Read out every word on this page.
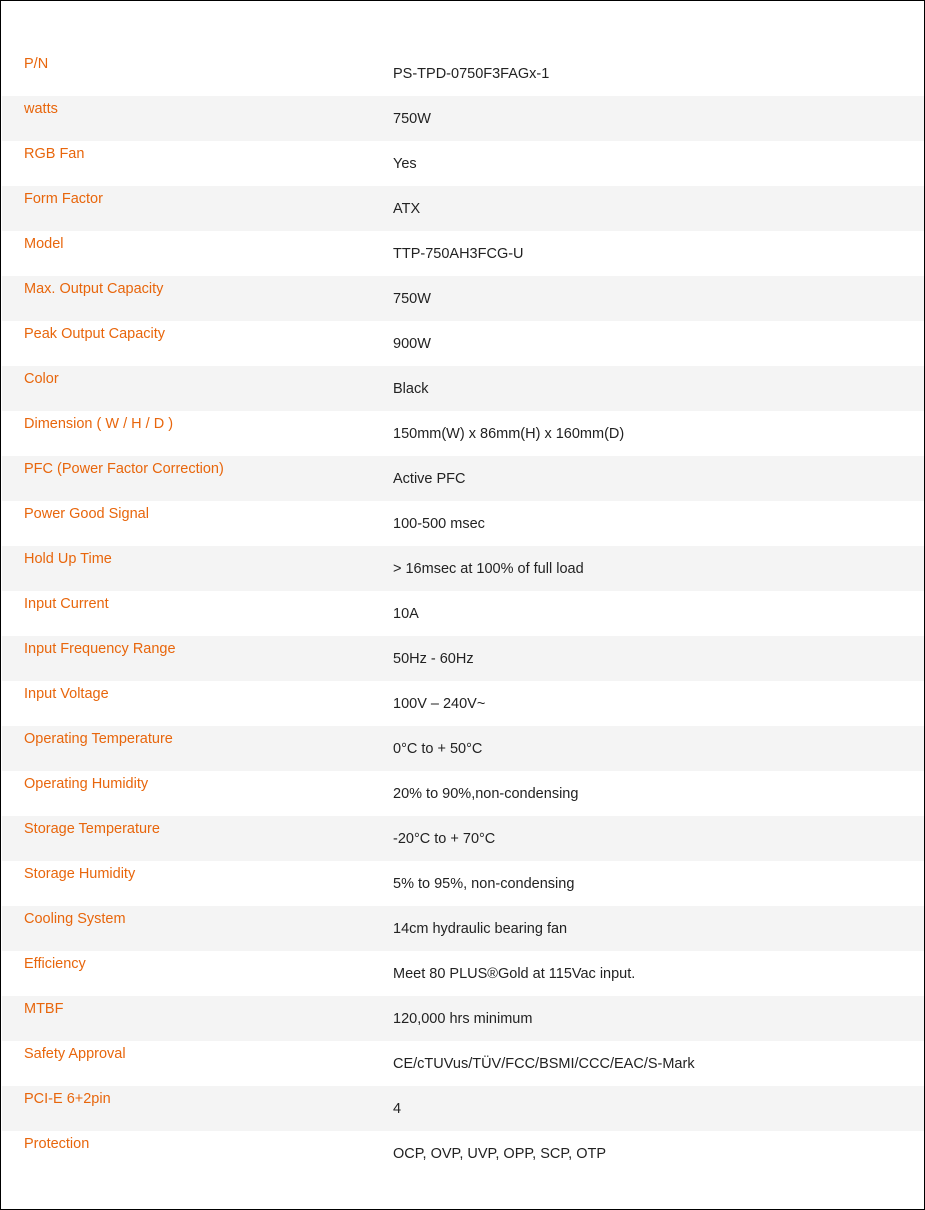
P/N
PS-TPD-0750F3FAGx-1
watts
750W
RGB Fan
Yes
Form Factor
ATX
Model
TTP-750AH3FCG-U
Max. Output Capacity
750W
Peak Output Capacity
900W
Color
Black
Dimension ( W / H / D )
150mm(W) x 86mm(H) x 160mm(D)
PFC (Power Factor Correction)
Active PFC
Power Good Signal
100-500 msec
Hold Up Time
> 16msec at 100% of full load
Input Current
10A
Input Frequency Range
50Hz - 60Hz
Input Voltage
100V – 240V~
Operating Temperature
0°C to + 50°C
Operating Humidity
20% to 90%,non-condensing
Storage Temperature
-20°C to + 70°C
Storage Humidity
5% to 95%, non-condensing
Cooling System
14cm hydraulic bearing fan
Efficiency
Meet 80 PLUS®Gold at 115Vac input.
MTBF
120,000 hrs minimum
Safety Approval
CE/cTUVus/TÜV/FCC/BSMI/CCC/EAC/S-Mark
PCI-E 6+2pin
4
Protection
OCP, OVP, UVP, OPP, SCP, OTP
